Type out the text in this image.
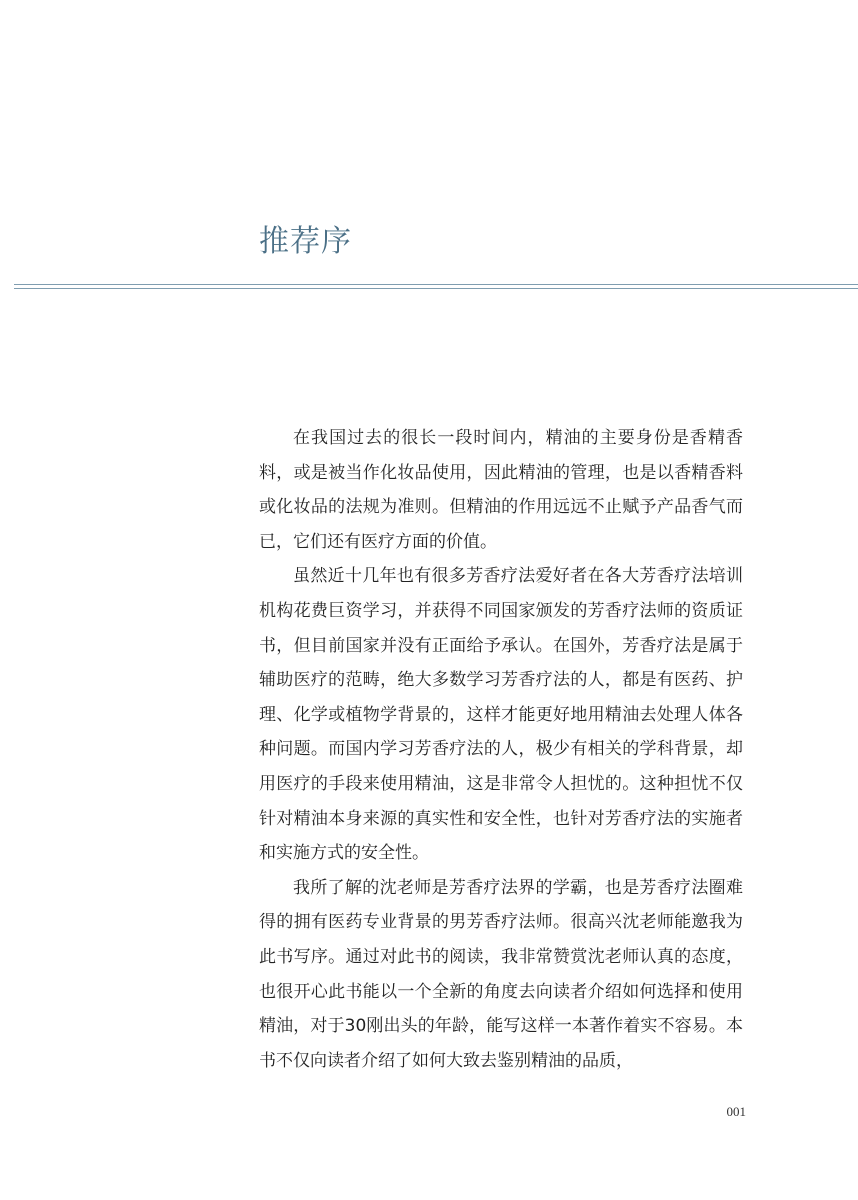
推荐序

在我国过去的很长一段时间内，精油的主要身份是香精香料，或是被当作化妆品使用，因此精油的管理，也是以香精香料或化妆品的法规为准则。但精油的作用远远不止赋予产品香气而已，它们还有医疗方面的价值。

虽然近十几年也有很多芳香疗法爱好者在各大芳香疗法培训机构花费巨资学习，并获得不同国家颁发的芳香疗法师的资质证书，但目前国家并没有正面给予承认。在国外，芳香疗法是属于辅助医疗的范畴，绝大多数学习芳香疗法的人，都是有医药、护理、化学或植物学背景的，这样才能更好地用精油去处理人体各种问题。而国内学习芳香疗法的人，极少有相关的学科背景，却用医疗的手段来使用精油，这是非常令人担忧的。这种担忧不仅针对精油本身来源的真实性和安全性，也针对芳香疗法的实施者和实施方式的安全性。

我所了解的沈老师是芳香疗法界的学霸，也是芳香疗法圈难得的拥有医药专业背景的男芳香疗法师。很高兴沈老师能邀我为此书写序。通过对此书的阅读，我非常赞赏沈老师认真的态度，也很开心此书能以一个全新的角度去向读者介绍如何选择和使用精油，对于30刚出头的年龄，能写这样一本著作着实不容易。本书不仅向读者介绍了如何大致去鉴别精油的品质，

001
